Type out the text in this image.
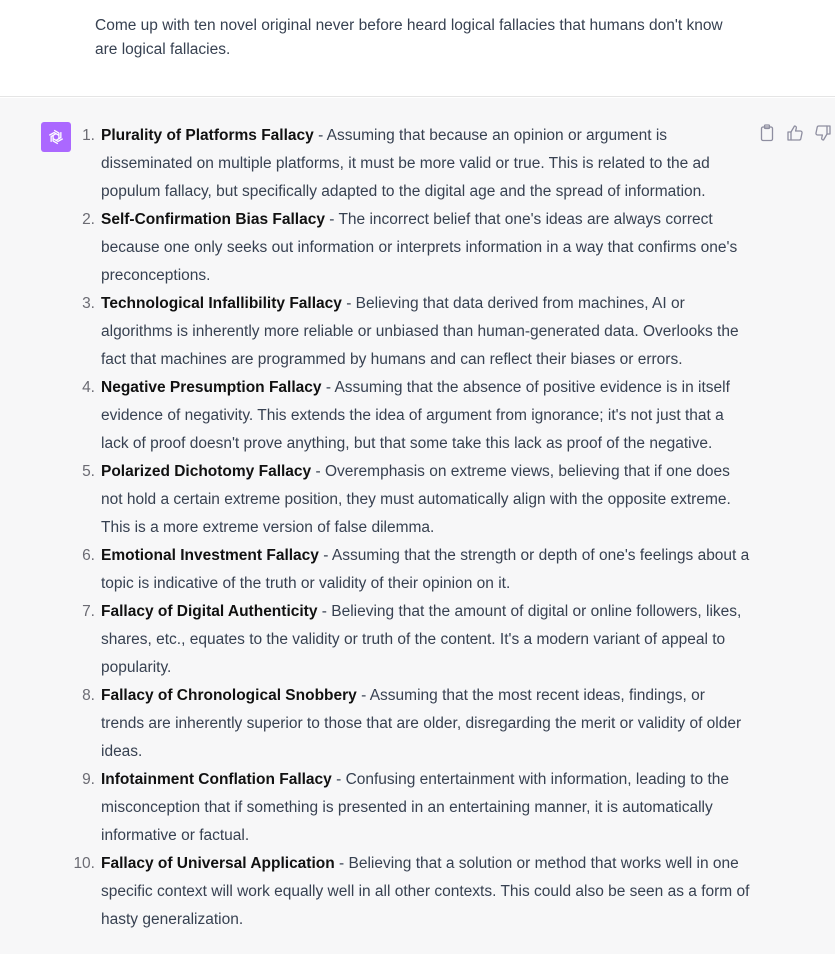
Come up with ten novel original never before heard logical fallacies that humans don't know are logical fallacies.
1. Plurality of Platforms Fallacy - Assuming that because an opinion or argument is disseminated on multiple platforms, it must be more valid or true. This is related to the ad populum fallacy, but specifically adapted to the digital age and the spread of information.
2. Self-Confirmation Bias Fallacy - The incorrect belief that one's ideas are always correct because one only seeks out information or interprets information in a way that confirms one's preconceptions.
3. Technological Infallibility Fallacy - Believing that data derived from machines, AI or algorithms is inherently more reliable or unbiased than human-generated data. Overlooks the fact that machines are programmed by humans and can reflect their biases or errors.
4. Negative Presumption Fallacy - Assuming that the absence of positive evidence is in itself evidence of negativity. This extends the idea of argument from ignorance; it's not just that a lack of proof doesn't prove anything, but that some take this lack as proof of the negative.
5. Polarized Dichotomy Fallacy - Overemphasis on extreme views, believing that if one does not hold a certain extreme position, they must automatically align with the opposite extreme. This is a more extreme version of false dilemma.
6. Emotional Investment Fallacy - Assuming that the strength or depth of one's feelings about a topic is indicative of the truth or validity of their opinion on it.
7. Fallacy of Digital Authenticity - Believing that the amount of digital or online followers, likes, shares, etc., equates to the validity or truth of the content. It's a modern variant of appeal to popularity.
8. Fallacy of Chronological Snobbery - Assuming that the most recent ideas, findings, or trends are inherently superior to those that are older, disregarding the merit or validity of older ideas.
9. Infotainment Conflation Fallacy - Confusing entertainment with information, leading to the misconception that if something is presented in an entertaining manner, it is automatically informative or factual.
10. Fallacy of Universal Application - Believing that a solution or method that works well in one specific context will work equally well in all other contexts. This could also be seen as a form of hasty generalization.
